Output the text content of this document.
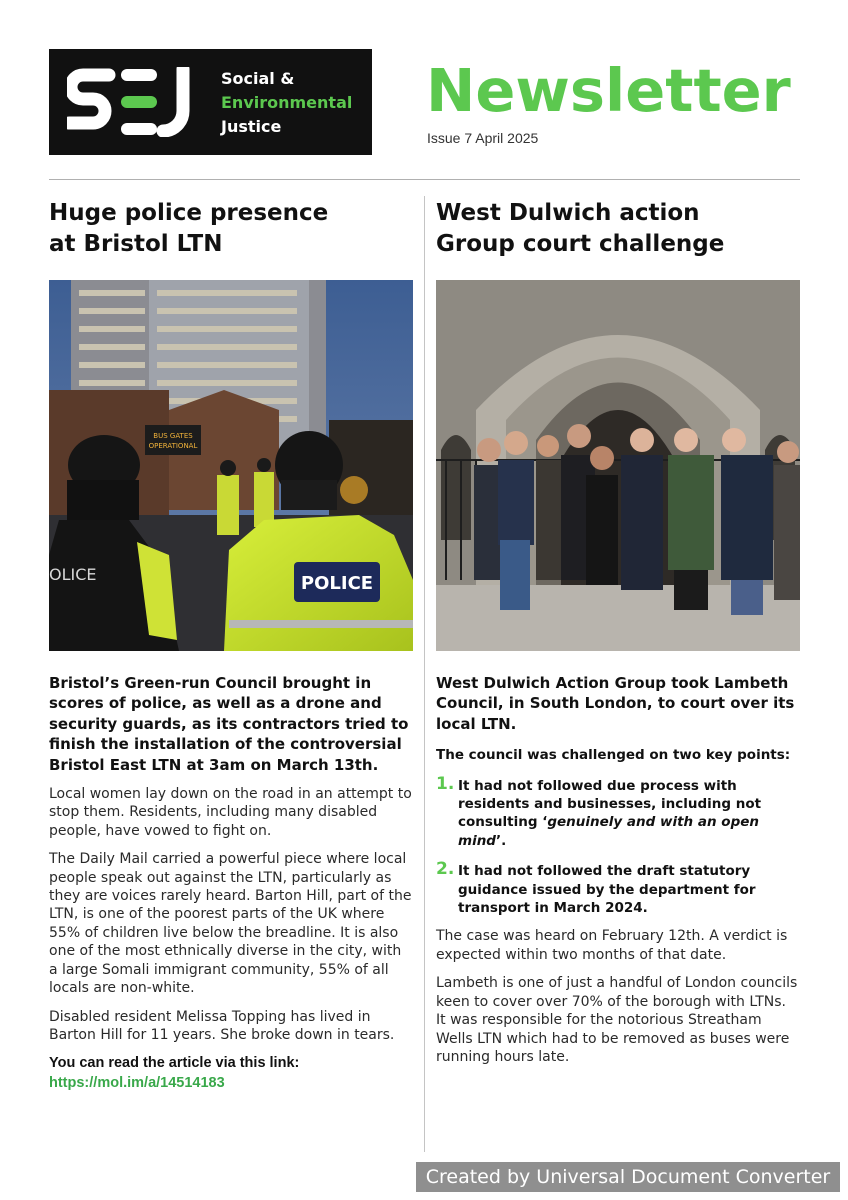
Social &
Environmental
Justice
Newsletter
Issue 7 April 2025
Huge police presence
at Bristol LTN
BUS GATES
OPERATIONAL
OLICE	POLICE
Bristol’s Green-run Council brought in scores of police, as well as a drone and security guards, as its contractors tried to finish the installation of the controversial Bristol East LTN at 3am on March 13th.
Local women lay down on the road in an attempt to stop them. Residents, including many disabled people, have vowed to fight on.
The Daily Mail carried a powerful piece where local people speak out against the LTN, particularly as they are voices rarely heard. Barton Hill, part of the LTN, is one of the poorest parts of the UK where 55% of children live below the breadline. It is also one of the most ethnically diverse in the city, with a large Somali immigrant community, 55% of all locals are non-white.
Disabled resident Melissa Topping has lived in Barton Hill for 11 years. She broke down in tears.
You can read the article via this link:
https://mol.im/a/14514183
West Dulwich action
Group court challenge
West Dulwich Action Group took Lambeth Council, in South London, to court over its local LTN.
The council was challenged on two key points:
1. It had not followed due process with residents and businesses, including not consulting ‘genuinely and with an open mind’.
2. It had not followed the draft statutory guidance issued by the department for transport in March 2024.
The case was heard on February 12th. A verdict is expected within two months of that date.
Lambeth is one of just a handful of London councils keen to cover over 70% of the borough with LTNs. It was responsible for the notorious Streatham Wells LTN which had to be removed as buses were running hours late.
Created by Universal Document Converter
